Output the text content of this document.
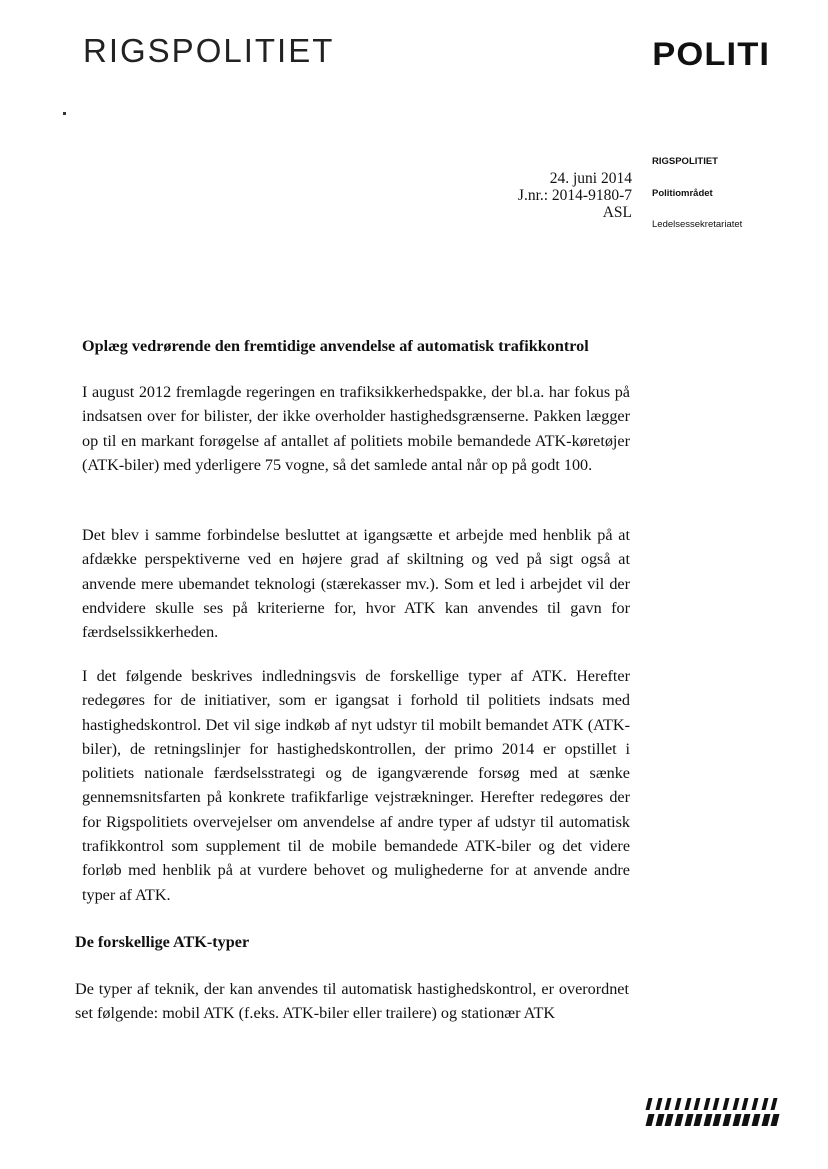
RIGSPOLITIET	POLITI
24. juni 2014
J.nr.: 2014-9180-7
ASL
RIGSPOLITIET
Politiområdet
Ledelsessekretariatet
Oplæg vedrørende den fremtidige anvendelse af automatisk trafikkontrol

I august 2012 fremlagde regeringen en trafiksikkerhedspakke, der bl.a. har fokus på indsatsen over for bilister, der ikke overholder hastighedsgrænserne. Pakken lægger op til en markant forøgelse af antallet af politiets mobile bemandede ATK-køretøjer (ATK-biler) med yderligere 75 vogne, så det samlede antal når op på godt 100.

Det blev i samme forbindelse besluttet at igangsætte et arbejde med henblik på at afdække perspektiverne ved en højere grad af skiltning og ved på sigt også at anvende mere ubemandet teknologi (stærekasser mv.). Som et led i arbejdet vil der endvidere skulle ses på kriterierne for, hvor ATK kan anvendes til gavn for færdselssikkerheden.

I det følgende beskrives indledningsvis de forskellige typer af ATK. Herefter redegøres for de initiativer, som er igangsat i forhold til politiets indsats med hastighedskontrol. Det vil sige indkøb af nyt udstyr til mobilt bemandet ATK (ATK-biler), de retningslinjer for hastighedskontrollen, der primo 2014 er opstillet i politiets nationale færdselsstrategi og de igangværende forsøg med at sænke gennemsnitsfarten på konkrete trafikfarlige vejstrækninger. Herefter redegøres der for Rigspolitiets overvejelser om anvendelse af andre typer af udstyr til automatisk trafikkontrol som supplement til de mobile bemandede ATK-biler og det videre forløb med henblik på at vurdere behovet og mulighederne for at anvende andre typer af ATK.

De forskellige ATK-typer

De typer af teknik, der kan anvendes til automatisk hastighedskontrol, er overordnet set følgende: mobil ATK (f.eks. ATK-biler eller trailere) og stationær ATK
